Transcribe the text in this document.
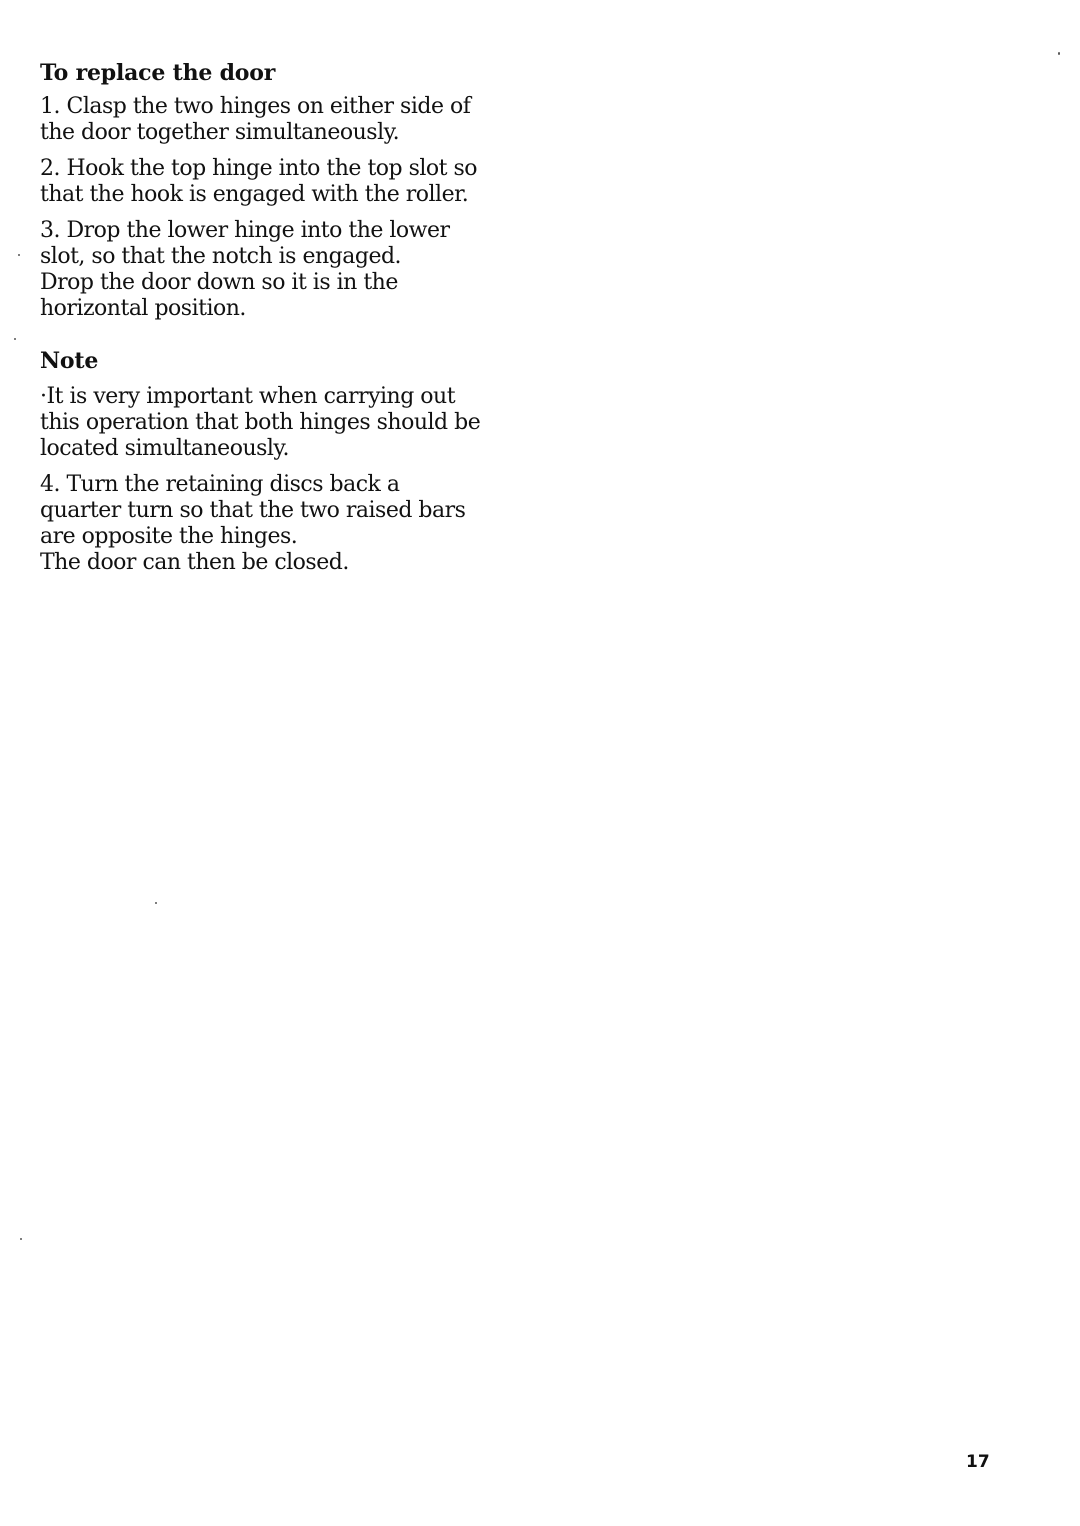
To replace the door

1. Clasp the two hinges on either side of
the door together simultaneously.

2. Hook the top hinge into the top slot so
that the hook is engaged with the roller.

3. Drop the lower hinge into the lower
slot, so that the notch is engaged.
Drop the door down so it is in the
horizontal position.

Note

·It is very important when carrying out
this operation that both hinges should be
located simultaneously.

4. Turn the retaining discs back a
quarter turn so that the two raised bars
are opposite the hinges.
The door can then be closed.

17
